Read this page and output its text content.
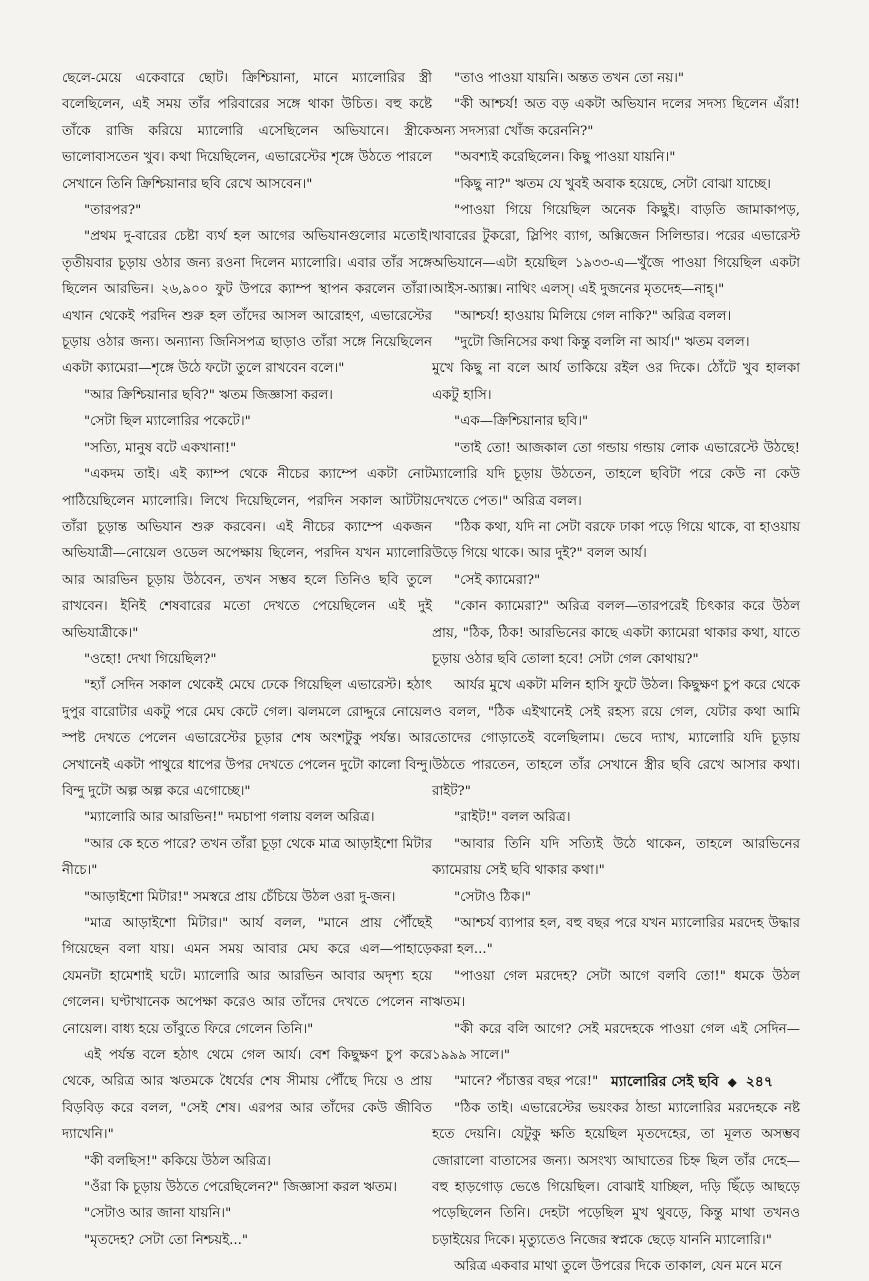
ছেলে-মেয়ে একেবারে ছোট। ক্রিশ্চিয়ানা, মানে ম্যালোরির স্ত্রী বলেছিলেন, এই সময় তাঁর পরিবারের সঙ্গে থাকা উচিত। বহু কষ্টে তাঁকে রাজি করিয়ে ম্যালোরি এসেছিলেন অভিযানে। স্ত্রীকে ভালোবাসতেন খুব। কথা দিয়েছিলেন, এভারেস্টের শৃঙ্গে উঠতে পারলে সেখানে তিনি ক্রিশ্চিয়ানার ছবি রেখে আসবেন।"

"তারপর?"

"প্রথম দু-বারের চেষ্টা ব্যর্থ হল আগের অভিযানগুলোর মতোই। তৃতীয়বার চূড়ায় ওঠার জন্য রওনা দিলেন ম্যালোরি। এবার তাঁর সঙ্গে ছিলেন আরভিন। ২৬,৯০০ ফুট উপরে ক্যাম্প স্থাপন করলেন তাঁরা। এখান থেকেই পরদিন শুরু হল তাঁদের আসল আরোহণ, এভারেস্টের চূড়ায় ওঠার জন্য। অন্যান্য জিনিসপত্র ছাড়াও তাঁরা সঙ্গে নিয়েছিলেন একটা ক্যামেরা—শৃঙ্গে উঠে ফটো তুলে রাখবেন বলে।"

"আর ক্রিশ্চিয়ানার ছবি?" ঋতম জিজ্ঞাসা করল।

"সেটা ছিল ম্যালোরির পকেটে।"

"সত্যি, মানুষ বটে একখানা!"

"একদম তাই। এই ক্যাম্প থেকে নীচের ক্যাম্পে একটা নোট পাঠিয়েছিলেন ম্যালোরি। লিখে দিয়েছিলেন, পরদিন সকাল আটটায় তাঁরা চূড়ান্ত অভিযান শুরু করবেন। এই নীচের ক্যাম্পে একজন অভিযাত্রী—নোয়েল ওডেল অপেক্ষায় ছিলেন, পরদিন যখন ম্যালোরি আর আরভিন চূড়ায় উঠবেন, তখন সম্ভব হলে তিনিও ছবি তুলে রাখবেন। ইনিই শেষবারের মতো দেখতে পেয়েছিলেন এই দুই অভিযাত্রীকে।"

"ওহো! দেখা গিয়েছিল?"

"হ্যাঁ সেদিন সকাল থেকেই মেঘে ঢেকে গিয়েছিল এভারেস্ট। হঠাৎ দুপুর বারোটার একটু পরে মেঘ কেটে গেল। ঝলমলে রোদ্দুরে নোয়েল স্পষ্ট দেখতে পেলেন এভারেস্টের চূড়ার শেষ অংশটুকু পর্যন্ত। আর সেখানেই একটা পাথুরে ধাপের উপর দেখতে পেলেন দুটো কালো বিন্দু। বিন্দু দুটো অল্প অল্প করে এগোচ্ছে।"

"ম্যালোরি আর আরভিন!" দমচাপা গলায় বলল অরিত্র।

"আর কে হতে পারে? তখন তাঁরা চূড়া থেকে মাত্র আড়াইশো মিটার নীচে।"

"আড়াইশো মিটার!" সমস্বরে প্রায় চেঁচিয়ে উঠল ওরা দু-জন।

"মাত্র আড়াইশো মিটার।" আর্য বলল, "মানে প্রায় পৌঁছেই গিয়েছেন বলা যায়। এমন সময় আবার মেঘ করে এল—পাহাড়ে যেমনটা হামেশাই ঘটে। ম্যালোরি আর আরভিন আবার অদৃশ্য হয়ে গেলেন। ঘণ্টাখানেক অপেক্ষা করেও আর তাঁদের দেখতে পেলেন না নোয়েল। বাধ্য হয়ে তাঁবুতে ফিরে গেলেন তিনি।"

এই পর্যন্ত বলে হঠাৎ থেমে গেল আর্য। বেশ কিছুক্ষণ চুপ করে থেকে, অরিত্র আর ঋতমকে ধৈর্যের শেষ সীমায় পৌঁছে দিয়ে ও প্রায় বিড়বিড় করে বলল, "সেই শেষ। এরপর আর তাঁদের কেউ জীবিত দ্যাখেনি।"

"কী বলছিস!" ককিয়ে উঠল অরিত্র।

"ওঁরা কি চূড়ায় উঠতে পেরেছিলেন?" জিজ্ঞাসা করল ঋতম।

"সেটাও আর জানা যায়নি।"

"মৃতদেহ? সেটা তো নিশ্চয়ই..."

"তাও পাওয়া যায়নি। অন্তত তখন তো নয়।"

"কী আশ্চর্য! অত বড় একটা অভিযান দলের সদস্য ছিলেন এঁরা! অন্য সদস্যরা খোঁজ করেননি?"

"অবশ্যই করেছিলেন। কিছু পাওয়া যায়নি।"

"কিছু না?" ঋতম যে খুবই অবাক হয়েছে, সেটা বোঝা যাচ্ছে।

"পাওয়া গিয়ে গিয়েছিল অনেক কিছুই। বাড়তি জামাকাপড়, খাবারের টুকরো, স্লিপিং ব্যাগ, অক্সিজেন সিলিন্ডার। পরের এভারেস্ট অভিযানে—এটা হয়েছিল ১৯৩৩-এ—খুঁজে পাওয়া গিয়েছিল একটা আইস-অ্যাক্স। নাথিং এলস্। এই দুজনের মৃতদেহ—নাহ্।"

"আশ্চর্য! হাওয়ায় মিলিয়ে গেল নাকি?" অরিত্র বলল।

"দুটো জিনিসের কথা কিন্তু বললি না আর্য।" ঋতম বলল।

মুখে কিছু না বলে আর্য তাকিয়ে রইল ওর দিকে। ঠোঁটে খুব হালকা একটু হাসি।

"এক—ক্রিশ্চিয়ানার ছবি।"

"তাই তো! আজকাল তো গন্ডায় গন্ডায় লোক এভারেস্টে উঠছে! ম্যালোরি যদি চূড়ায় উঠতেন, তাহলে ছবিটা পরে কেউ না কেউ দেখতে পেত।" অরিত্র বলল।

"ঠিক কথা, যদি না সেটা বরফে ঢাকা পড়ে গিয়ে থাকে, বা হাওয়ায় উড়ে গিয়ে থাকে। আর দুই?" বলল আর্য।

"সেই ক্যামেরা?"

"কোন ক্যামেরা?" অরিত্র বলল—তারপরেই চিৎকার করে উঠল প্রায়, "ঠিক, ঠিক! আরভিনের কাছে একটা ক্যামেরা থাকার কথা, যাতে চূড়ায় ওঠার ছবি তোলা হবে! সেটা গেল কোথায়?"

আর্যর মুখে একটা মলিন হাসি ফুটে উঠল। কিছুক্ষণ চুপ করে থেকে ও বলল, "ঠিক এইখানেই সেই রহস্য রয়ে গেল, যেটার কথা আমি তোদের গোড়াতেই বলেছিলাম। ভেবে দ্যাখ, ম্যালোরি যদি চূড়ায় উঠতে পারতেন, তাহলে তাঁর সেখানে স্ত্রীর ছবি রেখে আসার কথা। রাইট?"

"রাইট!" বলল অরিত্র।

"আবার তিনি যদি সত্যিই উঠে থাকেন, তাহলে আরভিনের ক্যামেরায় সেই ছবি থাকার কথা।"

"সেটাও ঠিক।"

"আশ্চর্য ব্যাপার হল, বহু বছর পরে যখন ম্যালোরির মরদেহ উদ্ধার করা হল..."

"পাওয়া গেল মরদেহ? সেটা আগে বলবি তো!" ধমকে উঠল ঋতম।

"কী করে বলি আগে? সেই মরদেহকে পাওয়া গেল এই সেদিন—১৯৯৯ সালে।"

"মানে? পঁচাত্তর বছর পরে!"

"ঠিক তাই। এভারেস্টের ভয়ংকর ঠান্ডা ম্যালোরির মরদেহকে নষ্ট হতে দেয়নি। যেটুকু ক্ষতি হয়েছিল মৃতদেহের, তা মূলত অসম্ভব জোরালো বাতাসের জন্য। অসংখ্য আঘাতের চিহ্ন ছিল তাঁর দেহে—বহু হাড়গোড় ভেঙে গিয়েছিল। বোঝাই যাচ্ছিল, দড়ি ছিঁড়ে আছড়ে পড়েছিলেন তিনি। দেহটা পড়েছিল মুখ থুবড়ে, কিন্তু মাথা তখনও চড়াইয়ের দিকে। মৃত্যুতেও নিজের স্বপ্নকে ছেড়ে যাননি ম্যালোরি।"

অরিত্র একবার মাথা তুলে উপরের দিকে তাকাল, যেন মনে মনে

ম্যালোরির সেই ছবি ◆ ২৪৭
